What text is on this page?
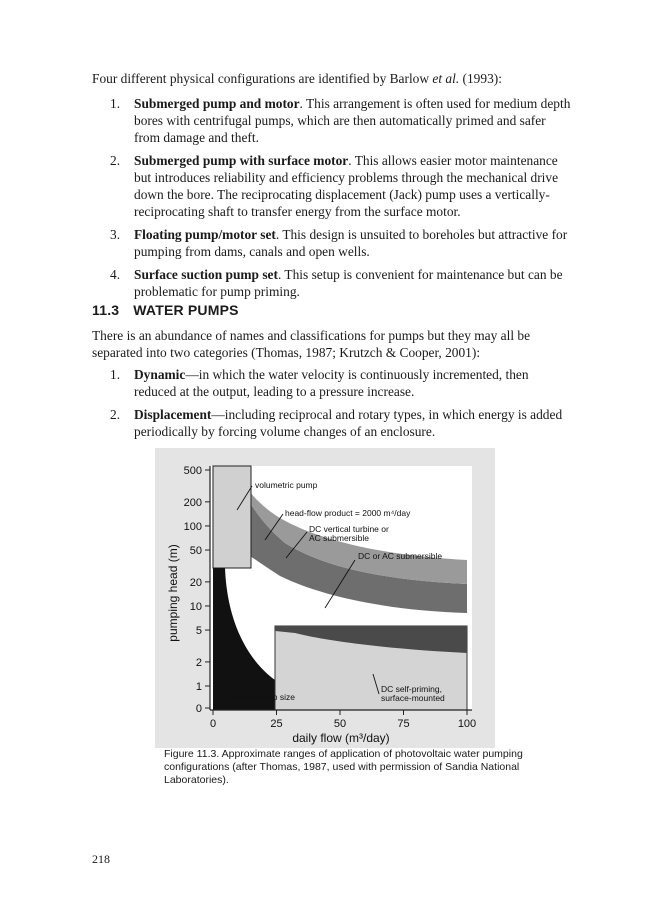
Four different physical configurations are identified by Barlow et al. (1993):

1. Submerged pump and motor. This arrangement is often used for medium depth bores with centrifugal pumps, which are then automatically primed and safer from damage and theft.
2. Submerged pump with surface motor. This allows easier motor maintenance but introduces reliability and efficiency problems through the mechanical drive down the bore. The reciprocating displacement (Jack) pump uses a vertically-reciprocating shaft to transfer energy from the surface motor.
3. Floating pump/motor set. This design is unsuited to boreholes but attractive for pumping from dams, canals and open wells.
4. Surface suction pump set. This setup is convenient for maintenance but can be problematic for pump priming.
11.3 WATER PUMPS

There is an abundance of names and classifications for pumps but they may all be separated into two categories (Thomas, 1987; Krutzch & Cooper, 2001):

1. Dynamic—in which the water velocity is continuously incremented, then reduced at the output, leading to a pressure increase.
2. Displacement—including reciprocal and rotary types, in which energy is added periodically by forcing volume changes of an enclosure.
0
1
2
5
10
20
50
100
200
500
0	25	50	75	100
volumetric pump
head-flow product = 2000 m⁴/day
DC vertical turbine or
AC submersible
DC or AC submersible
hand pump size
DC self-priming,
surface-mounted
pumping head (m)
daily flow (m³/day)
Figure 11.3. Approximate ranges of application of photovoltaic water pumping configurations (after Thomas, 1987, used with permission of Sandia National Laboratories).
218
